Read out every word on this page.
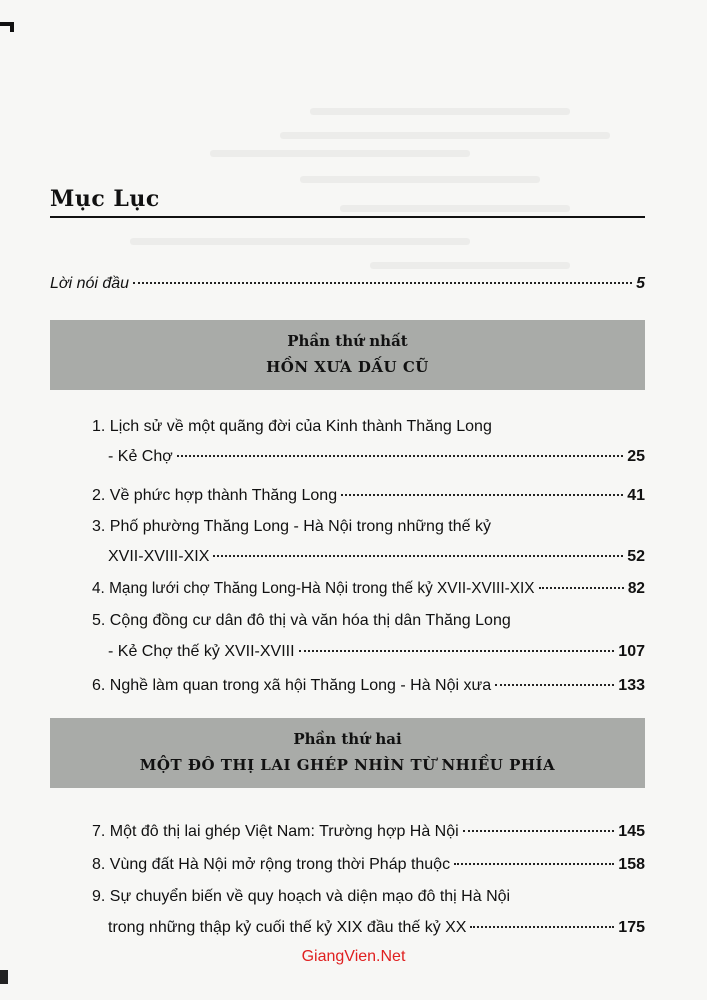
Mục Lục
Lời nói đầu	5
Phần thứ nhất
HỒN XƯA DẤU CŨ
1. Lịch sử về một quãng đời của Kinh thành Thăng Long
- Kẻ Chợ	25
2. Về phức hợp thành Thăng Long	41
3. Phố phường Thăng Long - Hà Nội trong những thế kỷ
XVII-XVIII-XIX	52
4. Mạng lưới chợ Thăng Long-Hà Nội trong thế kỷ XVII-XVIII-XIX	82
5. Cộng đồng cư dân đô thị và văn hóa thị dân Thăng Long
- Kẻ Chợ thế kỷ XVII-XVIII	107
6. Nghề làm quan trong xã hội Thăng Long - Hà Nội xưa	133
Phần thứ hai
MỘT ĐÔ THỊ LAI GHÉP NHÌN TỪ NHIỀU PHÍA
7. Một đô thị lai ghép Việt Nam: Trường hợp Hà Nội	145
8. Vùng đất Hà Nội mở rộng trong thời Pháp thuộc	158
9. Sự chuyển biến về quy hoạch và diện mạo đô thị Hà Nội
trong những thập kỷ cuối thế kỷ XIX đầu thế kỷ XX	175
GiangVien.Net
